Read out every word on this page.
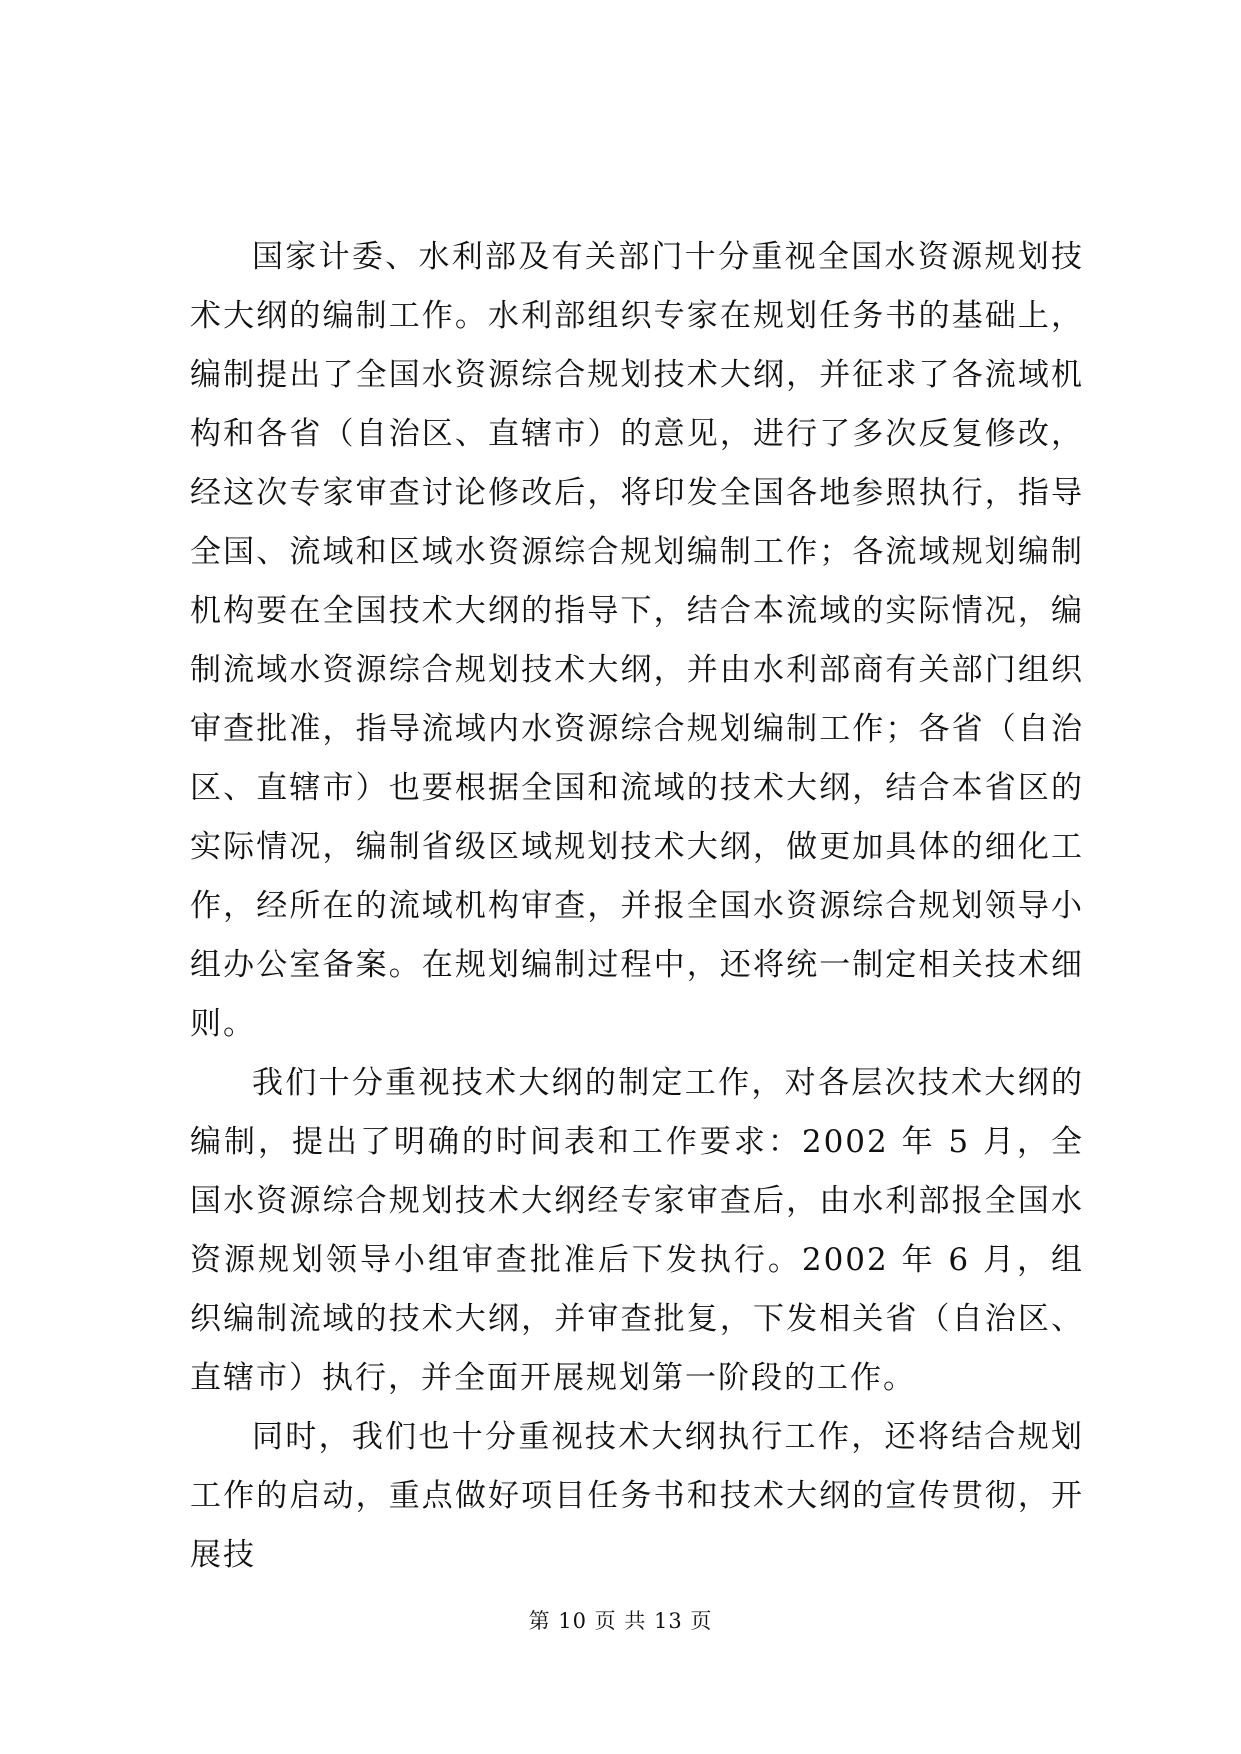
国家计委、水利部及有关部门十分重视全国水资源规划技术大纲的编制工作。水利部组织专家在规划任务书的基础上，编制提出了全国水资源综合规划技术大纲，并征求了各流域机构和各省（自治区、直辖市）的意见，进行了多次反复修改，经这次专家审查讨论修改后，将印发全国各地参照执行，指导全国、流域和区域水资源综合规划编制工作；各流域规划编制机构要在全国技术大纲的指导下，结合本流域的实际情况，编制流域水资源综合规划技术大纲，并由水利部商有关部门组织审查批准，指导流域内水资源综合规划编制工作；各省（自治区、直辖市）也要根据全国和流域的技术大纲，结合本省区的实际情况，编制省级区域规划技术大纲，做更加具体的细化工作，经所在的流域机构审查，并报全国水资源综合规划领导小组办公室备案。在规划编制过程中，还将统一制定相关技术细则。

我们十分重视技术大纲的制定工作，对各层次技术大纲的编制，提出了明确的时间表和工作要求：2002 年 5 月，全国水资源综合规划技术大纲经专家审查后，由水利部报全国水资源规划领导小组审查批准后下发执行。2002 年 6 月，组织编制流域的技术大纲，并审查批复，下发相关省（自治区、直辖市）执行，并全面开展规划第一阶段的工作。

同时，我们也十分重视技术大纲执行工作，还将结合规划工作的启动，重点做好项目任务书和技术大纲的宣传贯彻，开展技

第 10 页 共 13 页
